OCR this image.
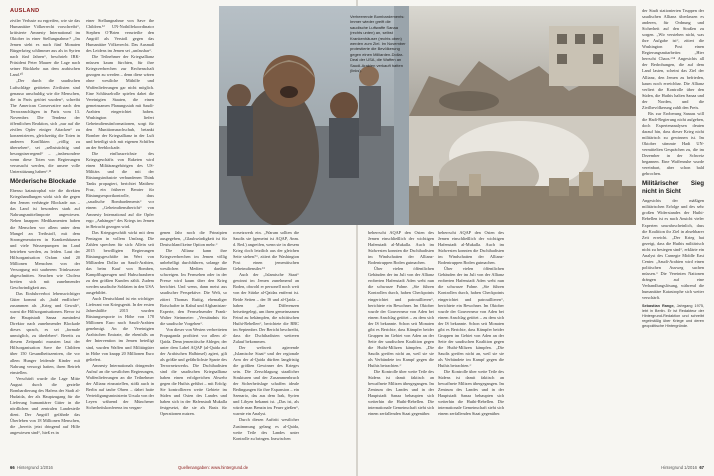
AUSLAND

ziviler Verluste zu ergreifen, wie sie das Humanitäre Völkerrecht vorschreibt“, kritisierte Amnesty International im Oktober in einer Stellungnahme.⁹ „Im Jemen sieht es nach fünf Monaten Bürgerkrieg schlimmer aus als in Syrien nach fünf Jahren“, beschrieb IRK-Präsident Peter Maurer die Lage nach seiner Rückkehr aus dem arabischen Land.¹⁰

„Der durch die saudischen Luftschläge getöteten Zivilisten sind genauso unschuldig wie die Menschen, die in Paris getötet wurden“, schreibt The American Conservative nach den Terroranschlägen in Paris vom 13. November. Die Tendenz der öffentlichen Reaktion, sich „nur auf die zivilen Opfer einiger Attacken“ zu konzentrieren, gleichzeitig die Toten in anderen Konflikten „völlig zu übersehen“, sei „selbstsüchtig und besorgniserregend“ – „insbesondere wenn diese Toten von Regierungen verursacht werden, die unsere volle Unterstützung haben“.¹¹

Mörderische Blockade

Ebenso katastrophal wie die direkten Kriegshandlungen wirkt sich die gegen den Jemen verhängte Blockade aus – das Land ist besonders stark auf Nahrungsmittelimporte angewiesen. Neben knappen Medikamenten haben die Menschen vor allem unter dem Mangel an Treibstoff, mit dem Stromgeneratoren in Krankenhäusern und viele Wasserpumpen im Land betrieben werden, zu leiden. Laut der Hilfsorganisation Oxfam sind 20 Millionen Menschen von der Versorgung mit sauberem Trinkwasser abgeschnitten. Seuchen wie Cholera breiten sich mit zunehmender Geschwindigkeit aus.

Das Einfuhrverbot lebenswichtiger Güter kommt als „bald endlicher“ zusammen als „Krieg und Gewalt“, warnt die Hilfsorganisationen. Bevor ist der Hauptstadt Sanaa zumindest Direktor nach zunehmender Blockade dieses sprach, es sei „formale unmöglich, zu überleben“. Bereits zu diesem Zeitpunkt mussten laut der Hilfsorganisation Save the Children über 150 Gesundheitszentren, die vor allem Hunger leidende Kinder mit Nahrung versorgt hatten, ihren Betrieb einstellen.

Verschärft wurde die Lage Mitte August durch die gezielte Bombardierung des Hafens der Stadt al-Hudaida, der als Hauptzugang für die Lieferung humanitärer Güter in die nördlichen und zentralen Landesteile dient. Der Angriff gefährde das Überleben von 18 Millionen Menschen, die „bereits jetzt dringend auf Hilfe angewiesen sind“, hieß es in

einer Stellungnahme von Save the Children.¹² UN-Nothilfekoordinator Stephen O’Brien verurteilte den Angriff als Verstoß gegen das Humanitäre Völkerrecht. Das Ausmaß des Leidens im Jemen sei „unfassbar“.

Die Teilnehmer der Kriegsallianz müssen kaum fürchten, für ihre Kriegsverbrechen zur Rechenschaft gezogen zu werden – denn diese wären ohne westliche Mithilfe und Waffenlieferungen gar nicht möglich. Eine Schlüsselrolle spielen dabei die Vereinigten Staaten, die einen gemeinsamen Planungsstab mit Saudi-Arabien eingerichtet haben. Washington liefert Geheimdienstinformationen, sorgt für den Munitionsnachschub, betankt Bomber der Kriegsallianz in der Luft und beteiligt sich mit eigenen Schiffen an der Seeblockade.

Die einflussreichste des Kriegsgeschäfts von Raketen wird einen Militärangehörigen des US-Militärs und die mit der Rüstungsindustrie verbundenen Think Tanks propagiert, berichtet Matthew Fraz, ein früherer Berater für Rüstungsexportkontrolle, dass „saudische Bombardements“ vor einem „Geheimdienstbericht“ von Amnesty International auf die Opfer ergo „Anhänger“ des Kriegs im Jemen in Betracht gezogen wird.

Das Kriegsgeschäft wirkt mit dem Pentagon in vollem Umfang. Die Zahlen sprechen für sich: Allein seit 2015 bewilligten Regierungen Rüstungsgeschäfte im Wert von Milliarden Dollar an Saudi-Arabien, das beim Kauf von Bomben, Kampfflugzeugen und Hubschraubern zu den größten Kunden zählt. Zudem werden saudische Soldaten in den USA ausgebildet.

Auch Deutschland ist ein wichtiger Lieferant von Kriegsgerät. In der ersten Jahreshälfte 2015 wurden Rüstungsexporte in Höhe von 178 Millionen Euro nach Saudi-Arabien genehmigt. An die Vereinigten Arabischen Emirate, die ebenfalls an der Intervention im Jemen beteiligt sind, wurden Waffen und Militärgüter in Höhe von knapp 20 Millionen Euro geliefert.

Amnesty Internationals dringender Aufruf an die westlichen Regierungen, Waffenlieferungen an die Teilnehmer der Allianz einzustellen, stößt auch in Berlin auf taube Ohren – dabei hatte Verteidigungsministerin Ursula von der Leyen während der Münchener Sicherheitskonferenz im vergan-

genen Jahr noch die Prinzipien ausgegeben, „Glaubwürdigkeit ist für Deutschland keine Option mehr.“

Die Allianz kann ihre Kriegsverbrechen im Jemen völlig unbehelligt durchführen, solange die westlichen Medien darüber schweigen. Im Fernsehen oder in der Presse wird kaum über den Krieg berichtet. Und wenn, dann meist aus saudischer Perspektive. Die Welt, so zitiert Thomas Ruttig, ehemaliger Botschafter in Kabul und Afghanistan-Experte, den Fernsehsender Frank-Walter Steinmeier: „Verständnis für die saudische Vorgehen“.

Von dieser von Westen verbreiteten Propaganda profitiert vor allem al-Qaida. Denn jemenitische Ableger, der unter dem Label AQAP (al-Qaida auf der Arabischen Halbinsel) agiert, gilt als größte und gefährlichste Sparte des Terrornetzwerks. Die Dschihadisten sind die saudischen Kriegsallianz haben einen erfolgreichen Abwehr gegen die Huthis geführt – mit Erfolg: Sie kontrollieren weite Gebiete im Süden und Osten des Landes und haben sich in der Hafenstadt Mukalla festgesetzt, die sie als Basis für Operationen nutzen.

66 Hintergrund 1/2016

der Stadt stationierten Truppen der saudischen Allianz überlassen es anderen, für Ordnung und Sicherheit auf den Straßen zu sorgen. „Wir verstehen nicht, was ihre Aufgabe ist“, zitiert die Washington Post einen Regierungsmitarbeiter. „Hier herrscht Chaos.“¹⁴ Angesichts all der Bedrohungen, die auf dem Land lasten, scheint das Ziel der Allianz, den Jemen zu befrieden, kaum noch erreichbar. Die Allianz verliert die Kontrolle über den Süden, die Huthis halten Sanaa und der Norden, und die Zivilbevölkerung zahlt den Preis.

Bis zur Eroberung Sanaas will die Hadi-Regierung nicht aufgeben, doch Expertenanalysen deuten darauf hin, dass dieser Krieg nicht militärisch zu gewinnen ist. Im Oktober stimmte Hadi UN-vermittelten Gesprächen zu, die im Dezember in der Schweiz begannen. Eine Waffenruhe wurde vereinbart, aber schon bald gebrochen.

Militärischer Sieg nicht in Sicht

Angesichts der mäßigen militärischen Erfolge und des sehr großen Widerstandes der Huthi-Rebellen ist es nach Ansicht vieler Experten unwahrscheinlich, dass die Koalition ihr Ziel in absehbarer Zeit erreicht. „Der Krieg hat gezeigt, dass die Huthis militärisch nicht zu besiegen sind“, erklärte ein Analyst des Carnegie Middle East Center. „Saudi-Arabien wird einen politischen Ausweg suchen müssen.“ Die Vereinten Nationen drängen auf eine Verhandlungslösung, während die humanitäre Katastrophe sich weiter verschärft.

Sebastian Range, Jahrgang 1975, lebt in Berlin. Er ist Redakteur der Hintergrund-Redaktion und schreibt regelmäßig über Kriege und deren geopolitische Hintergründe.
Hintergrund 1/2016 67

rorsetzwerk ein. „Warum sollten die Saudis sie (gemeint ist AQAP, Anm. d. Red.) angreifen, wenn sie in diesem Krieg doch letztlich aus der gleichen Seite stehen?“, zitiert die Washington Post einen jemenitischen Geheimdienstler.¹³

Auch der „Islamische Staat“ gewinnt im Jemen zunehmend an Boden, obwohl er personell noch weit von der Stärke al-Qaidas entfernt ist. Beide Seiten – der IS und al-Qaida – haben „ihre Differenzen beiseitegelegt, um ihren gemeinsamen Feind zu bekämpfen, die schiitischen Huthi-Rebellen“, berichtete die BBC im September. Der Bericht beschreibt, dass die Dschihadisten weiteren Zulauf bekommen.

Der weltweit agierende „Islamische Staat“ und der regionale Arm der al-Qaida dürften langfristig die größten Gewinner des Krieges sein. Die Zerschlagung staatlicher Strukturen und der Zusammenbruch der Sicherheitslage schaffen ideale Bedingungen für ihre Expansion – ein Szenario, das aus dem Irak, Syrien und Libyen bekannt ist. „Das ist, als würde man Benzin ins Feuer gießen“, warnte ein Analyst.

Durch diesen Auftritt westlicher Zustimmung gelang es al-Qaida, weite Teile des Landes unter Kontrolle zu bringen. Inzwischen

beherrscht AQAP den Osten des Jemen einschließlich der wichtigen Hafenstadt al-Mukalla. Auch im Südwesten konnten die Dschihadisten im Windschatten der Allianz-Bodentruppen Boden gutmachen.

Über vielen öffentlichen Gebäuden der im Juli von der Allianz eroberten Hafenstadt Aden weht nun die schwarze Fahne. „Sie führen Kontrollen durch, haben Checkpoints eingerichtet und patrouillieren“, berichtete ein Bewohner. Im Oktober wurde der Gouverneur von Aden bei einem Anschlag getötet – zu dem sich der IS bekannte. Schon seit Monaten gibt es Berichte, dass Kämpfer beider Gruppen im Gebiet von Aden an der Seite der saudischen Koalition gegen die Huthi-Milizen kämpfen. „Die Saudis greifen nicht an, weil sie sie als Verbündete im Kampf gegen die Huthis betrachten.“

Die Kontrolle über weite Teile des Südens ist damit faktisch an bewaffnete Milizen übergegangen. Im Zentrum des Landes und in der Hauptstadt Sanaa behaupten sich weiterhin die Huthi-Rebellen. Die internationale Gemeinschaft sieht sich einem zerfallenden Staat gegenüber.

beherrscht AQAP den Osten des Jemen einschließlich der wichtigen Hafenstadt al-Mukalla. Auch im Südwesten konnten die Dschihadisten im Windschatten der Allianz-Bodentruppen Boden gutmachen.

Über vielen öffentlichen Gebäuden der im Juli von der Allianz eroberten Hafenstadt Aden weht nun die schwarze Fahne. „Sie führen Kontrollen durch, haben Checkpoints eingerichtet und patrouillieren“, berichtete ein Bewohner. Im Oktober wurde der Gouverneur von Aden bei einem Anschlag getötet – zu dem sich der IS bekannte. Schon seit Monaten gibt es Berichte, dass Kämpfer beider Gruppen im Gebiet von Aden an der Seite der saudischen Koalition gegen die Huthi-Milizen kämpfen. „Die Saudis greifen nicht an, weil sie sie als Verbündete im Kampf gegen die Huthis betrachten.“

Die Kontrolle über weite Teile des Südens ist damit faktisch an bewaffnete Milizen übergegangen. Im Zentrum des Landes und in der Hauptstadt Sanaa behaupten sich weiterhin die Huthi-Rebellen. Die internationale Gemeinschaft sieht sich einem zerfallenden Staat gegenüber.

Verheerende Bombardements: Immer wieder greift die saudische Luftwaffe Sanaa (rechts unten) an, selbst Krankenhäuser (rechts oben) werden zum Ziel. Im November protestierte die Bevölkerung gegen einen Milliarden-Dollar-Deal der USA, die Waffen an Saudi-Arabien verkauft hatten (links).
Quellenangaben: www.hintergrund.de
